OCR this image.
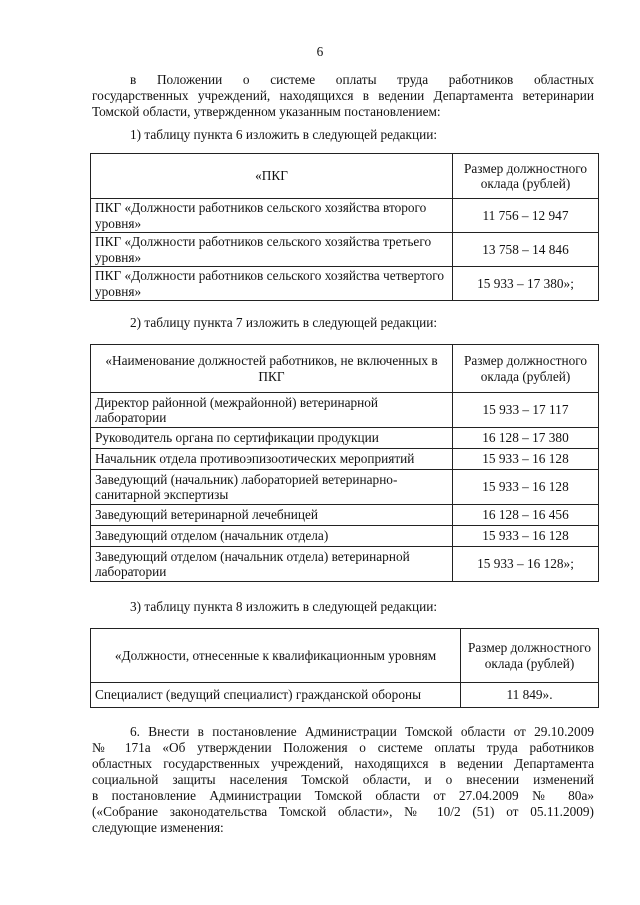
6

в Положении о системе оплаты труда работников областных

государственных учреждений, находящихся в ведении Департамента ветеринарии

Томской области, утвержденном указанным постановлением:

1) таблицу пункта 6 изложить в следующей редакции:

«ПКГ	Размер должностного оклада (рублей)
ПКГ «Должности работников сельского хозяйства второго уровня»	11 756 – 12 947
ПКГ «Должности работников сельского хозяйства третьего уровня»	13 758 – 14 846
ПКГ «Должности работников сельского хозяйства четвертого уровня»	15 933 – 17 380»;

2) таблицу пункта 7 изложить в следующей редакции:

«Наименование должностей работников, не включенных в ПКГ	Размер должностного оклада (рублей)
Директор районной (межрайонной) ветеринарной лаборатории	15 933 – 17 117
Руководитель органа по сертификации продукции	16 128 – 17 380
Начальник отдела противоэпизоотических мероприятий	15 933 – 16 128
Заведующий (начальник) лабораторией ветеринарно-санитарной экспертизы	15 933 – 16 128
Заведующий ветеринарной лечебницей	16 128 – 16 456
Заведующий отделом (начальник отдела)	15 933 – 16 128
Заведующий отделом (начальник отдела) ветеринарной лаборатории	15 933 – 16 128»;

3) таблицу пункта 8 изложить в следующей редакции:

«Должности, отнесенные к квалификационным уровням	Размер должностного оклада (рублей)
Специалист (ведущий специалист) гражданской обороны	11 849».

6. Внести в постановление Администрации Томской области от 29.10.2009

№ 171а «Об утверждении Положения о системе оплаты труда работников

областных государственных учреждений, находящихся в ведении Департамента

социальной защиты населения Томской области, и о внесении изменений

в постановление Администрации Томской области от 27.04.2009 № 80а»

(«Собрание законодательства Томской области», № 10/2 (51) от 05.11.2009)

следующие изменения:
